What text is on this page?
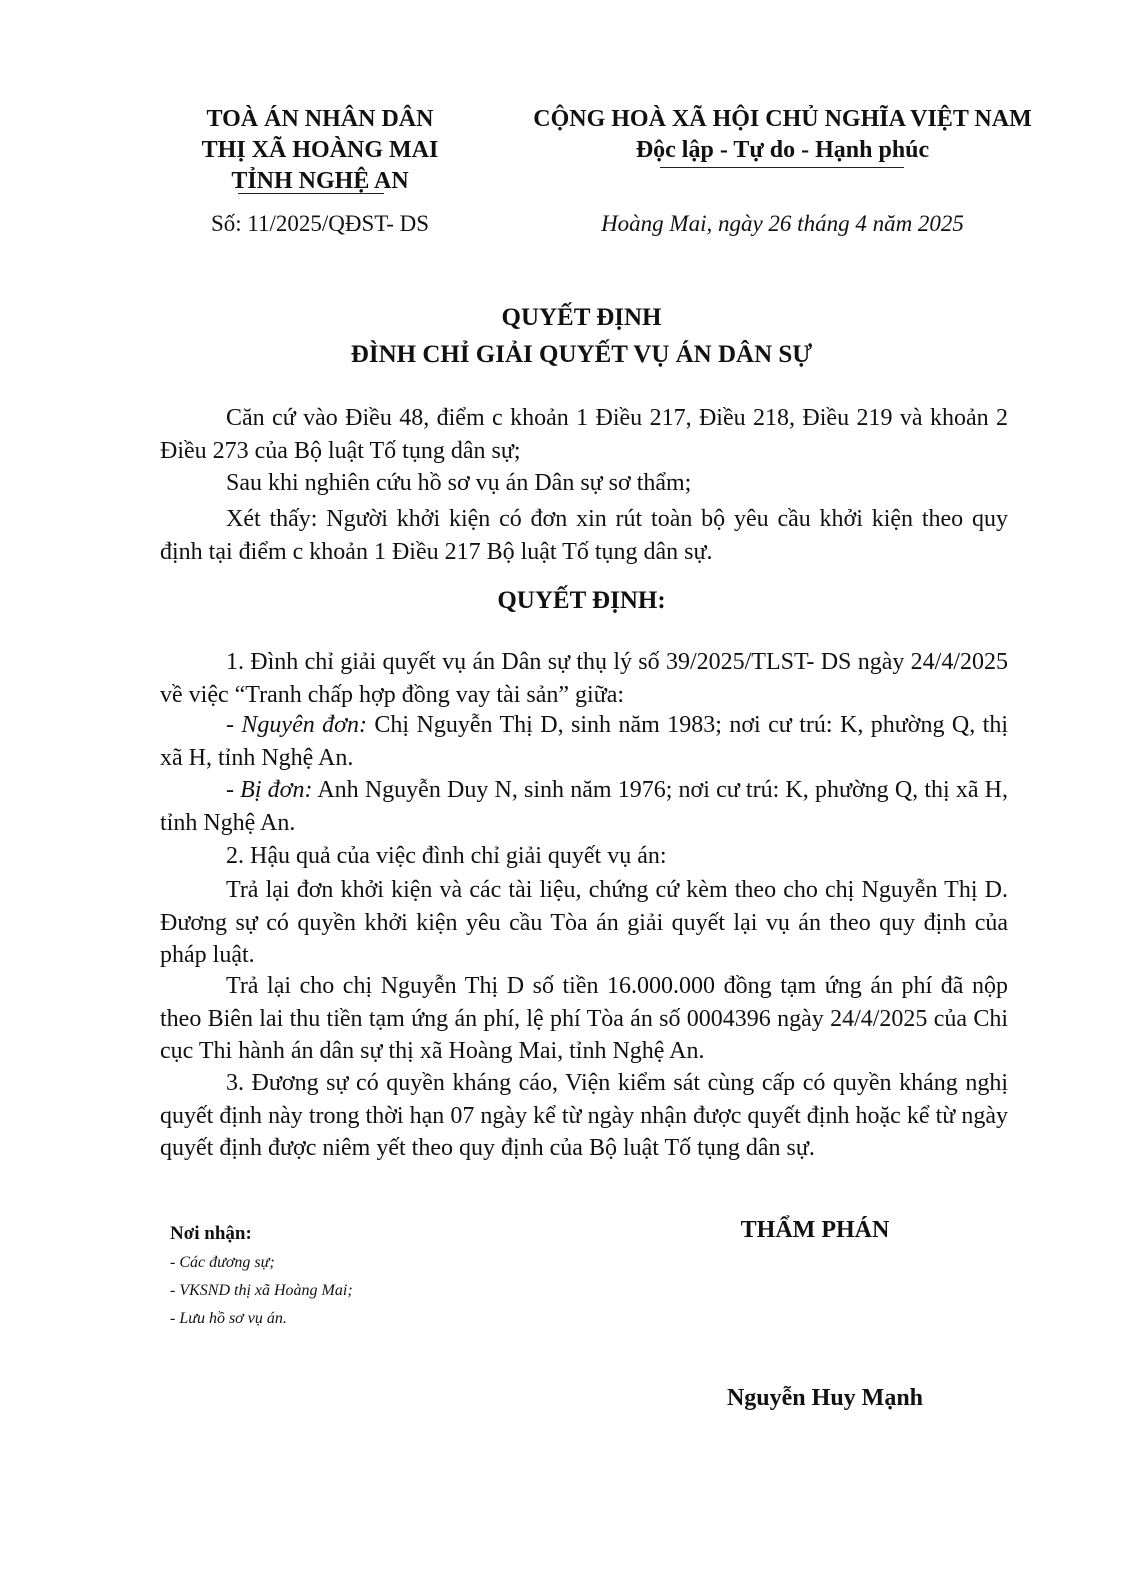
TOÀ ÁN NHÂN DÂN
THỊ XÃ HOÀNG MAI
TỈNH NGHỆ AN
CỘNG HOÀ XÃ HỘI CHỦ NGHĨA VIỆT NAM
Độc lập - Tự do - Hạnh phúc
Số: 11/2025/QĐST- DS	Hoàng Mai, ngày 26 tháng 4 năm 2025
QUYẾT ĐỊNH
ĐÌNH CHỈ GIẢI QUYẾT VỤ ÁN DÂN SỰ
Căn cứ vào Điều 48, điểm c khoản 1 Điều 217, Điều 218, Điều 219 và khoản 2 Điều 273 của Bộ luật Tố tụng dân sự;
Sau khi nghiên cứu hồ sơ vụ án Dân sự sơ thẩm;
Xét thấy: Người khởi kiện có đơn xin rút toàn bộ yêu cầu khởi kiện theo quy định tại điểm c khoản 1 Điều 217 Bộ luật Tố tụng dân sự.
QUYẾT ĐỊNH:
1. Đình chỉ giải quyết vụ án Dân sự thụ lý số 39/2025/TLST- DS ngày 24/4/2025 về việc “Tranh chấp hợp đồng vay tài sản” giữa:
- Nguyên đơn: Chị Nguyễn Thị D, sinh năm 1983; nơi cư trú: K, phường Q, thị xã H, tỉnh Nghệ An.
- Bị đơn: Anh Nguyễn Duy N, sinh năm 1976; nơi cư trú: K, phường Q, thị xã H, tỉnh Nghệ An.
2. Hậu quả của việc đình chỉ giải quyết vụ án:
Trả lại đơn khởi kiện và các tài liệu, chứng cứ kèm theo cho chị Nguyễn Thị D. Đương sự có quyền khởi kiện yêu cầu Tòa án giải quyết lại vụ án theo quy định của pháp luật.
Trả lại cho chị Nguyễn Thị D số tiền 16.000.000 đồng tạm ứng án phí đã nộp theo Biên lai thu tiền tạm ứng án phí, lệ phí Tòa án số 0004396 ngày 24/4/2025 của Chi cục Thi hành án dân sự thị xã Hoàng Mai, tỉnh Nghệ An.
3. Đương sự có quyền kháng cáo, Viện kiểm sát cùng cấp có quyền kháng nghị quyết định này trong thời hạn 07 ngày kể từ ngày nhận được quyết định hoặc kể từ ngày quyết định được niêm yết theo quy định của Bộ luật Tố tụng dân sự.
Nơi nhận:
- Các đương sự;
- VKSND thị xã Hoàng Mai;
- Lưu hồ sơ vụ án.
THẨM PHÁN
Nguyễn Huy Mạnh
